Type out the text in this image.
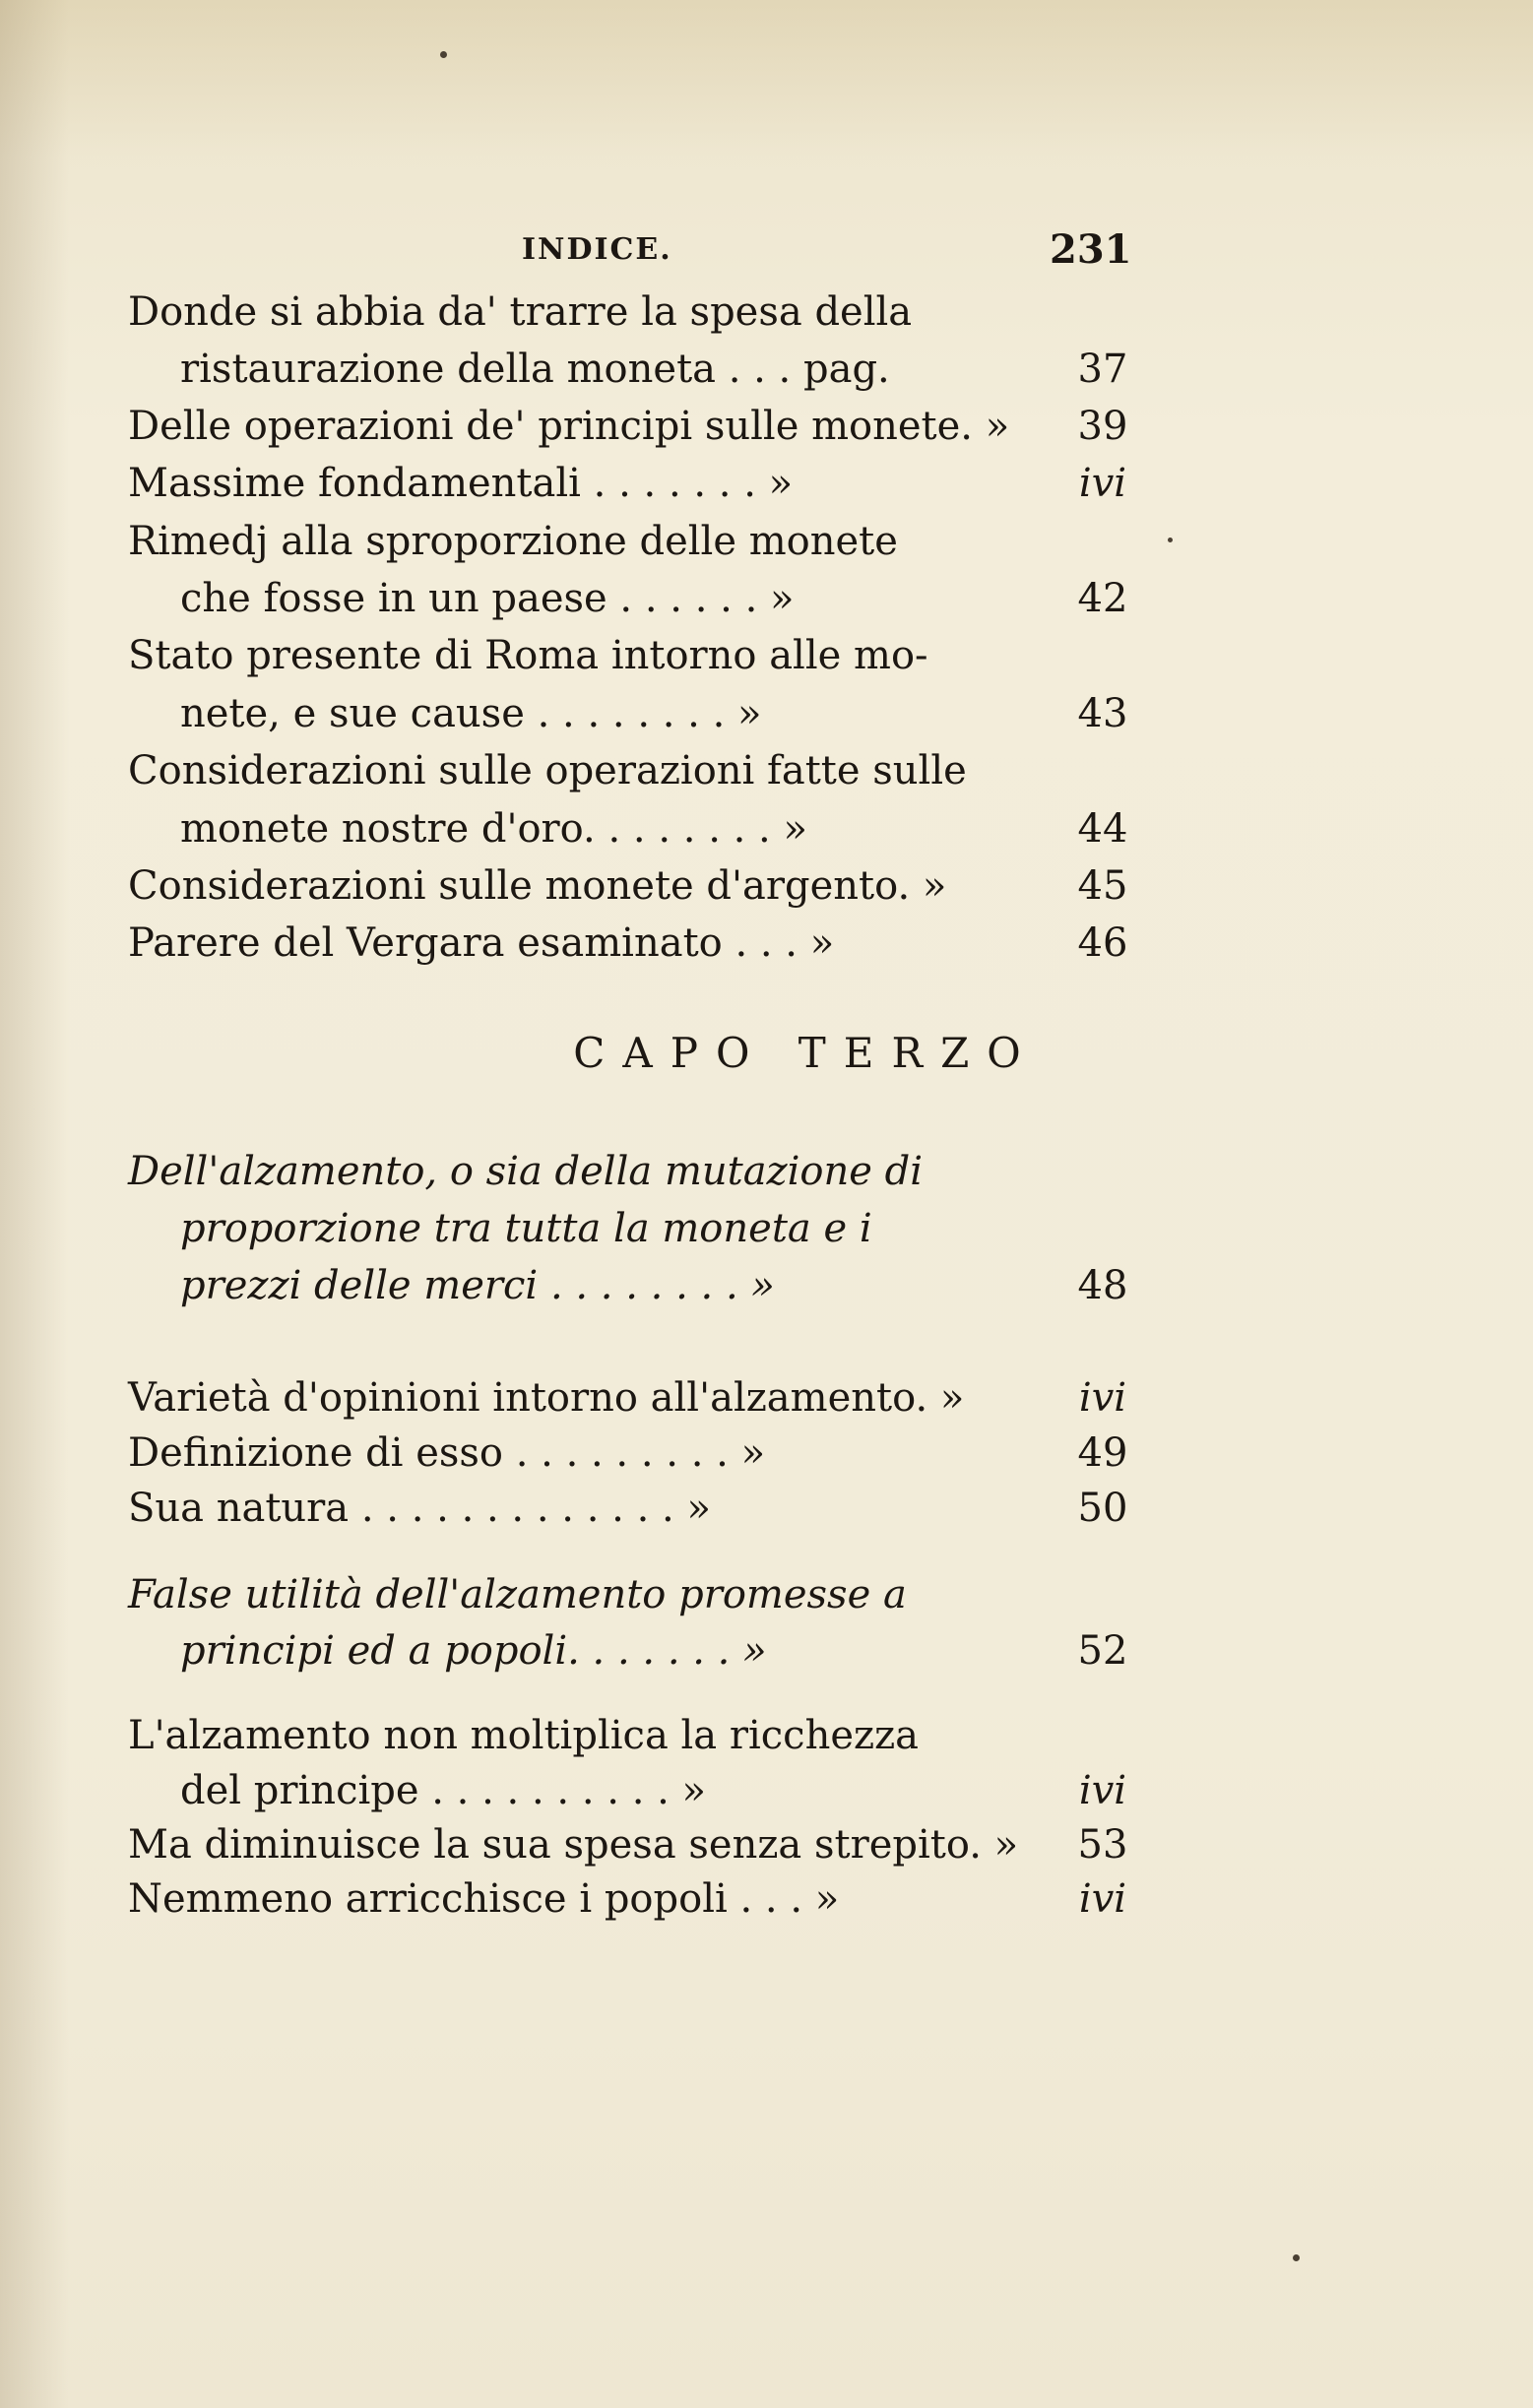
INDICE.	231
Donde si abbia da' trarre la spesa della
ristaurazione della moneta . . . pag.	37
Delle operazioni de' principi sulle monete. »	39
Massime fondamentali . . . . . . . »	ivi
Rimedj alla sproporzione delle monete
che fosse in un paese . . . . . . »	42
Stato presente di Roma intorno alle mo-
nete, e sue cause . . . . . . . . »	43
Considerazioni sulle operazioni fatte sulle
monete nostre d'oro. . . . . . . . »	44
Considerazioni sulle monete d'argento. »	45
Parere del Vergara esaminato . . . »	46
CAPO TERZO
Dell'alzamento, o sia della mutazione di
proporzione tra tutta la moneta e i
prezzi delle merci . . . . . . . . »	48
Varietà d'opinioni intorno all'alzamento. »	ivi
Definizione di esso . . . . . . . . . »	49
Sua natura . . . . . . . . . . . . . »	50
False utilità dell'alzamento promesse a
principi ed a popoli. . . . . . . »	52
L'alzamento non moltiplica la ricchezza
del principe . . . . . . . . . . »	ivi
Ma diminuisce la sua spesa senza strepito. »	53
Nemmeno arricchisce i popoli . . . »	ivi
